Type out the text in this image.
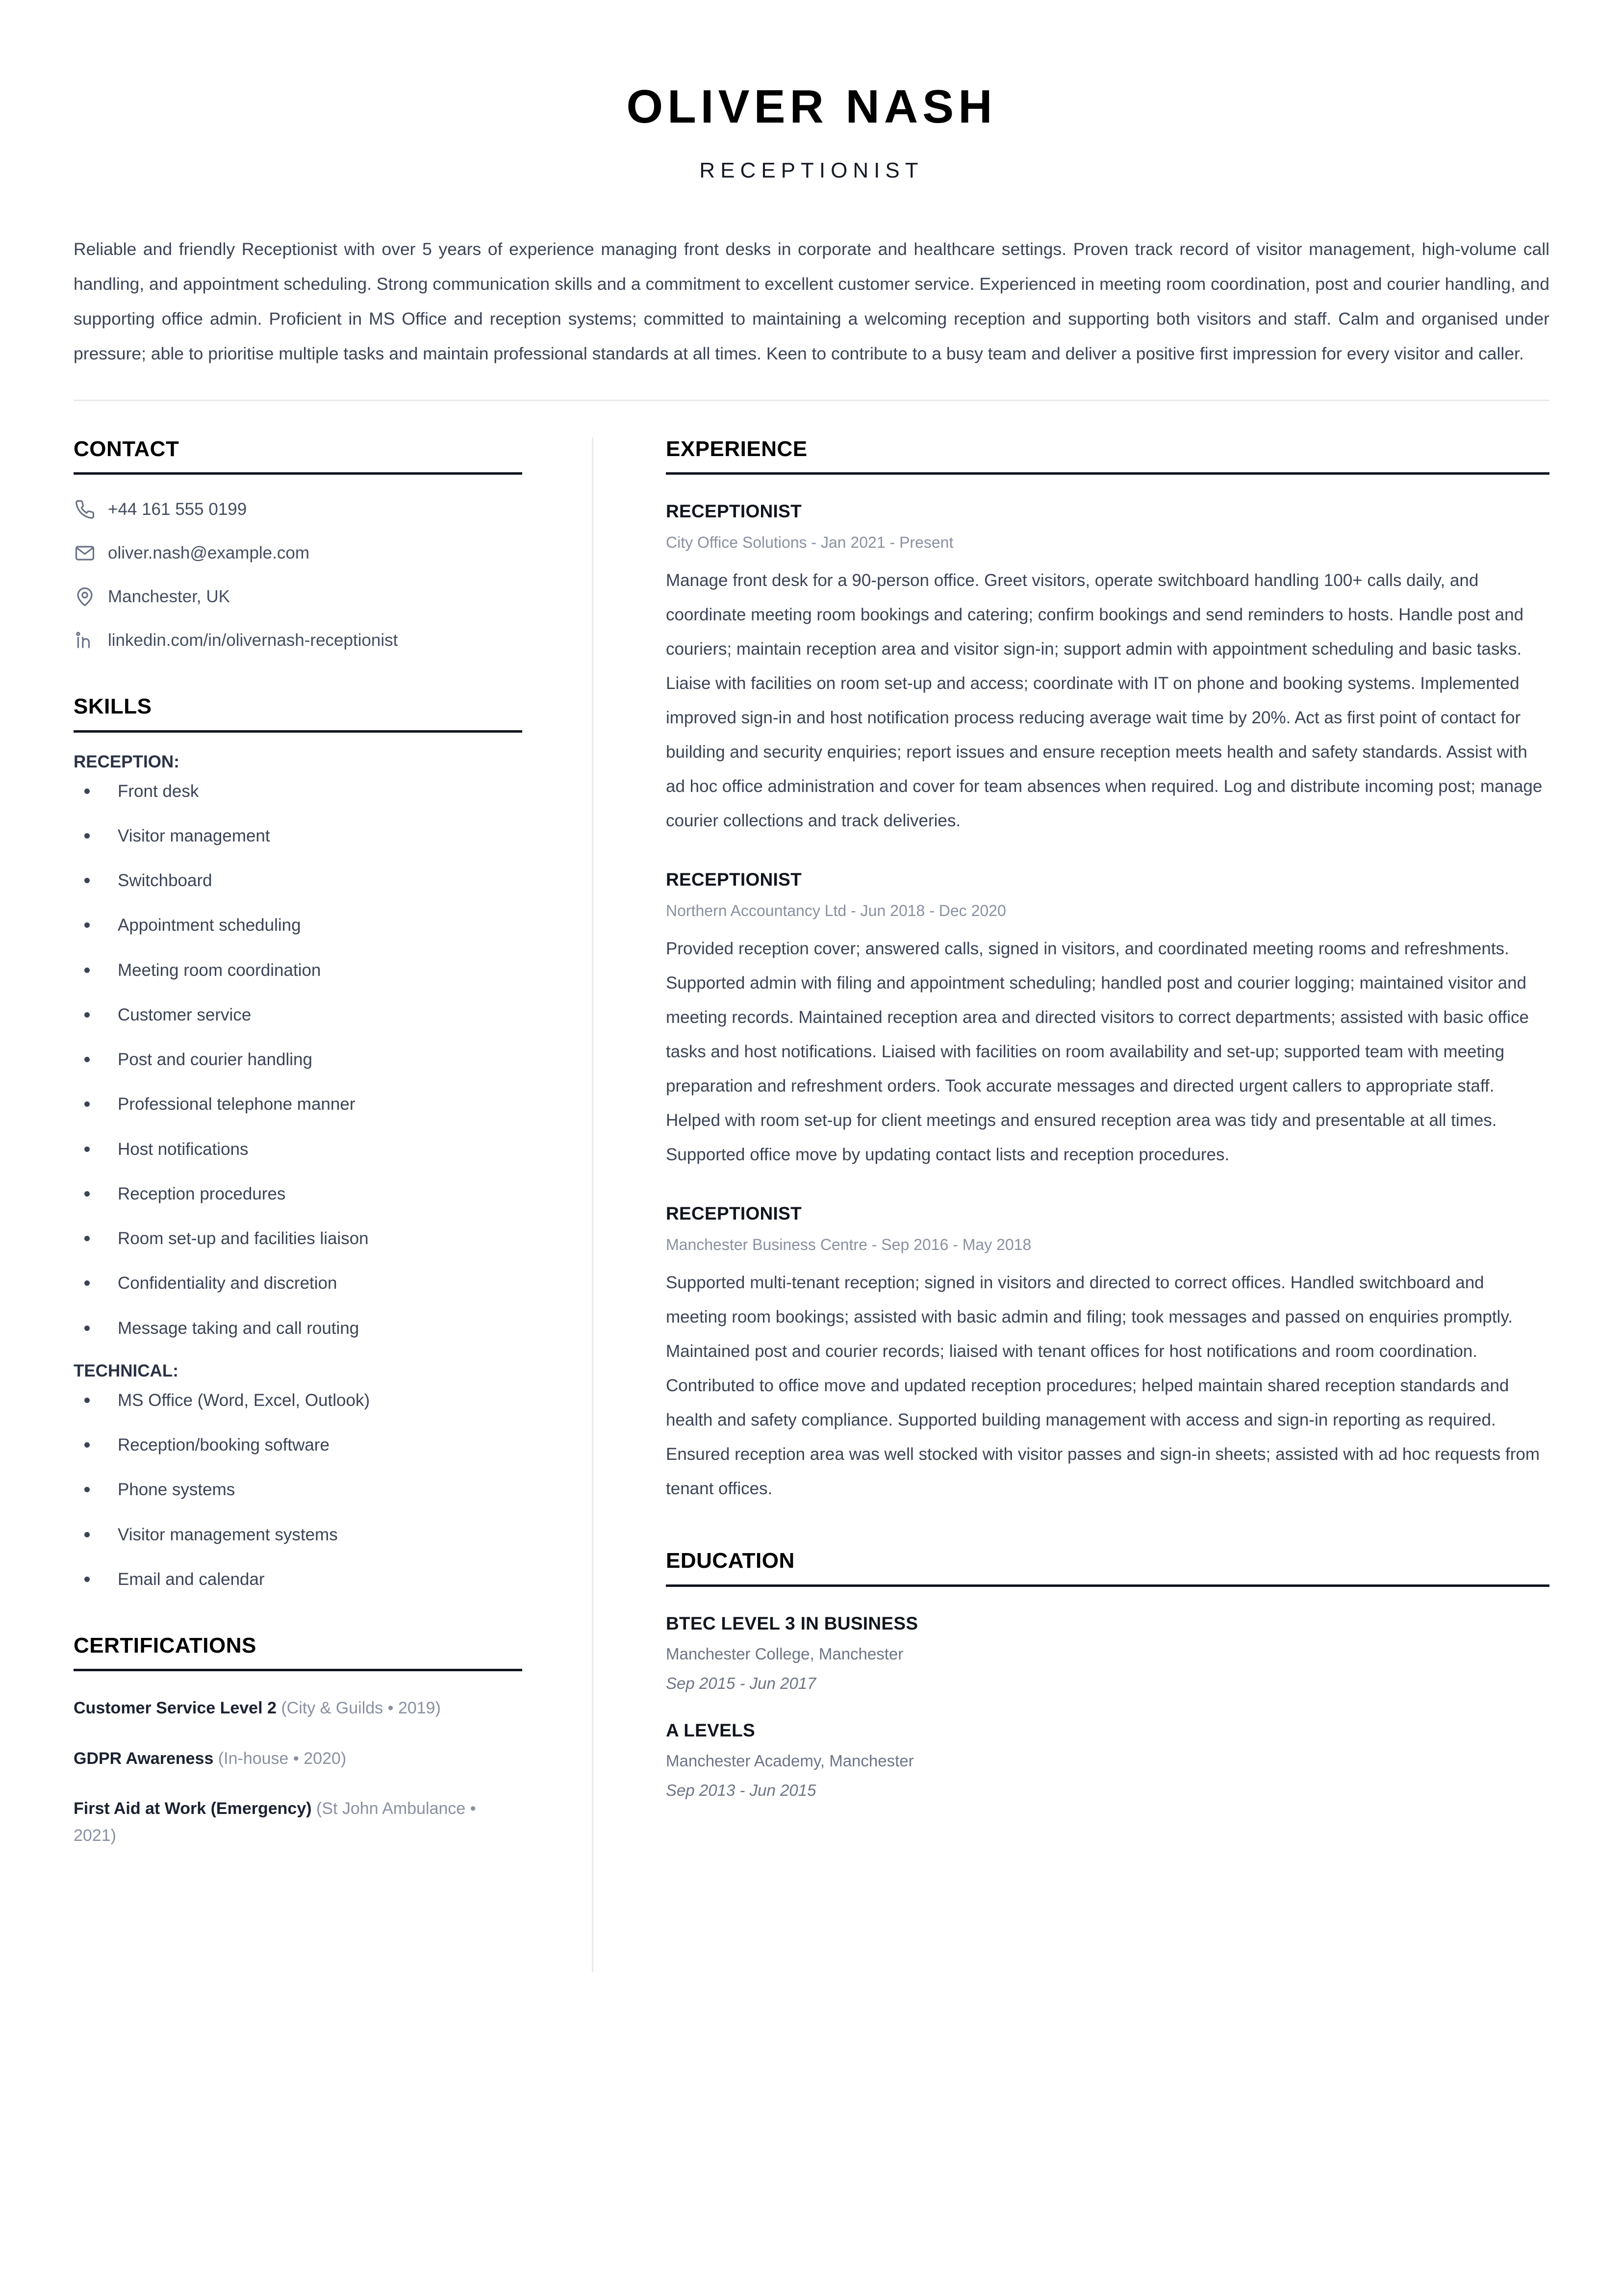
OLIVER NASH
RECEPTIONIST
Reliable and friendly Receptionist with over 5 years of experience managing front desks in corporate and healthcare settings. Proven track record of visitor management, high-volume call handling, and appointment scheduling. Strong communication skills and a commitment to excellent customer service. Experienced in meeting room coordination, post and courier handling, and supporting office admin. Proficient in MS Office and reception systems; committed to maintaining a welcoming reception and supporting both visitors and staff. Calm and organised under pressure; able to prioritise multiple tasks and maintain professional standards at all times. Keen to contribute to a busy team and deliver a positive first impression for every visitor and caller.
CONTACT
+44 161 555 0199
oliver.nash@example.com
Manchester, UK
linkedin.com/in/olivernash-receptionist
SKILLS
RECEPTION:
Front desk
Visitor management
Switchboard
Appointment scheduling
Meeting room coordination
Customer service
Post and courier handling
Professional telephone manner
Host notifications
Reception procedures
Room set-up and facilities liaison
Confidentiality and discretion
Message taking and call routing
TECHNICAL:
MS Office (Word, Excel, Outlook)
Reception/booking software
Phone systems
Visitor management systems
Email and calendar
CERTIFICATIONS
Customer Service Level 2 (City & Guilds • 2019)
GDPR Awareness (In-house • 2020)
First Aid at Work (Emergency) (St John Ambulance • 2021)
EXPERIENCE
RECEPTIONIST
City Office Solutions - Jan 2021 - Present
Manage front desk for a 90-person office. Greet visitors, operate switchboard handling 100+ calls daily, and coordinate meeting room bookings and catering; confirm bookings and send reminders to hosts. Handle post and couriers; maintain reception area and visitor sign-in; support admin with appointment scheduling and basic tasks. Liaise with facilities on room set-up and access; coordinate with IT on phone and booking systems. Implemented improved sign-in and host notification process reducing average wait time by 20%. Act as first point of contact for building and security enquiries; report issues and ensure reception meets health and safety standards. Assist with ad hoc office administration and cover for team absences when required. Log and distribute incoming post; manage courier collections and track deliveries.
RECEPTIONIST
Northern Accountancy Ltd - Jun 2018 - Dec 2020
Provided reception cover; answered calls, signed in visitors, and coordinated meeting rooms and refreshments. Supported admin with filing and appointment scheduling; handled post and courier logging; maintained visitor and meeting records. Maintained reception area and directed visitors to correct departments; assisted with basic office tasks and host notifications. Liaised with facilities on room availability and set-up; supported team with meeting preparation and refreshment orders. Took accurate messages and directed urgent callers to appropriate staff. Helped with room set-up for client meetings and ensured reception area was tidy and presentable at all times. Supported office move by updating contact lists and reception procedures.
RECEPTIONIST
Manchester Business Centre - Sep 2016 - May 2018
Supported multi-tenant reception; signed in visitors and directed to correct offices. Handled switchboard and meeting room bookings; assisted with basic admin and filing; took messages and passed on enquiries promptly. Maintained post and courier records; liaised with tenant offices for host notifications and room coordination. Contributed to office move and updated reception procedures; helped maintain shared reception standards and health and safety compliance. Supported building management with access and sign-in reporting as required. Ensured reception area was well stocked with visitor passes and sign-in sheets; assisted with ad hoc requests from tenant offices.
EDUCATION
BTEC LEVEL 3 IN BUSINESS
Manchester College, Manchester
Sep 2015 - Jun 2017
A LEVELS
Manchester Academy, Manchester
Sep 2013 - Jun 2015
